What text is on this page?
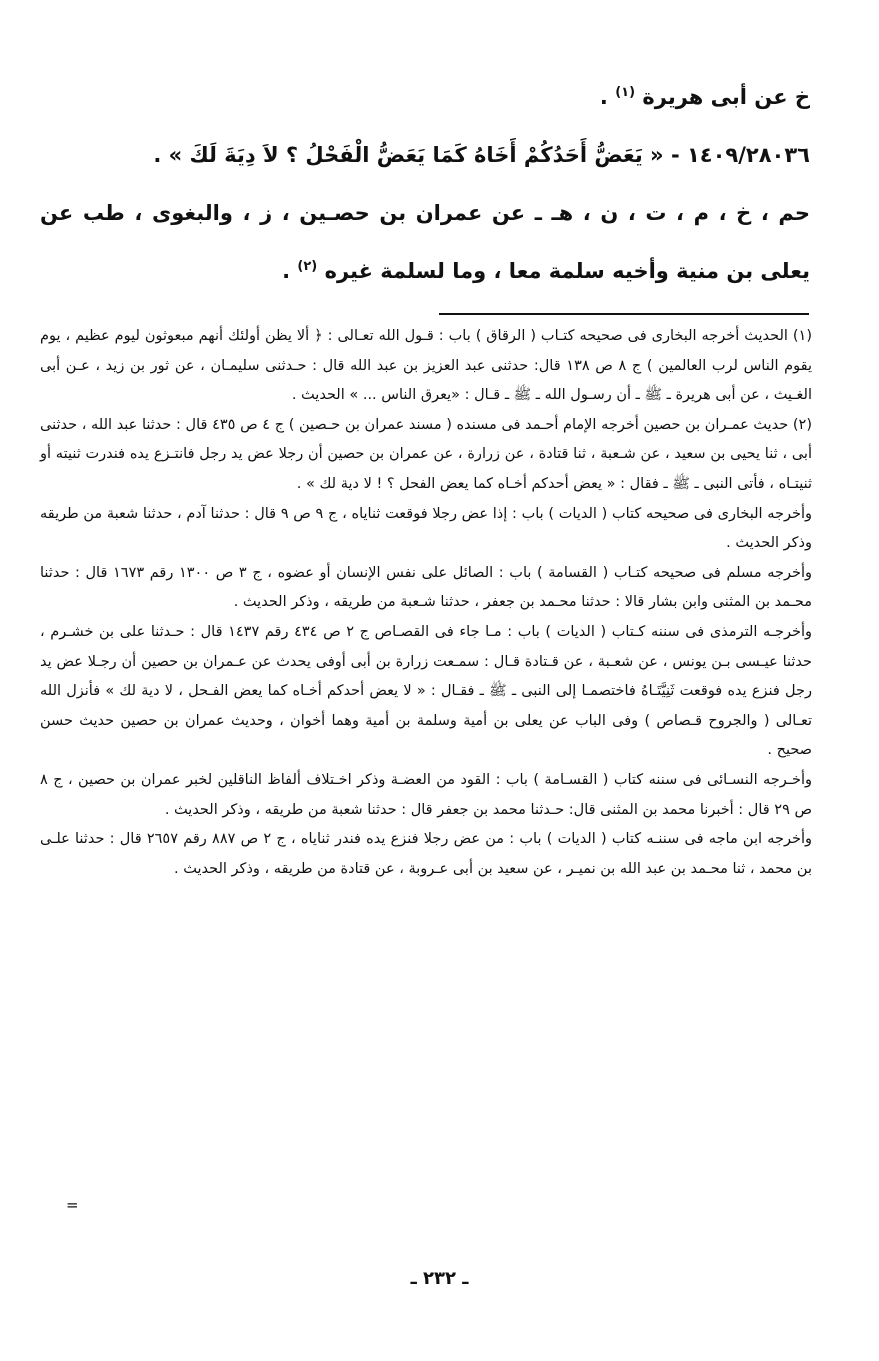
خ عن أبى هريرة $^{(١)}$ .

١٤٠٩/٢٨٠٣٦ - « يَعَضُّ أَحَدُكُمْ أَخَاهُ كَمَا يَعَضُّ الْفَحْلُ ؟ لاَ دِيَةَ لَكَ » .

حم ، خ ، م ، ت ، ن ، هـ ـ عن عمران بن حصـين ، ز ، والبغوى ، طب عن يعلى بن منية وأخيه سلمة معا ، وما لسلمة غيره $^{(٢)}$ .

(١) الحديث أخرجه البخارى فى صحيحه كتـاب ( الرقاق ) باب : قـول الله تعـالى : ﴿ ألا يظن أولئك أنهم مبعوثون ليوم عظيم ، يوم يقوم الناس لرب العالمين ) ج ٨ ص ١٣٨ قال: حدثنى عبد العزيز بن عبد الله قال : حـدثنى سليمـان ، عن ثور بن زيد ، عـن أبى الغـيث ، عن أبى هريرة ـ ﷺ ـ أن رسـول الله ـ ﷺ ـ قـال : «يعرق الناس ... » الحديث .

(٢) حديث عمـران بن حصين أخرجه الإمام أحـمد فى مسنده ( مسند عمران بن حـصين ) ج ٤ ص ٤٣٥ قال : حدثنا عبد الله ، حدثنى أبى ، ثنا يحيى بن سعيد ، عن شـعبة ، ثنا قتادة ، عن زرارة ، عن عمران بن حصين أن رجلا عض يد رجل فانتـزع يده فندرت ثنيته أو ثنيتـاه ، فأتى النبى ـ ﷺ ـ فقال : « يعض أحدكم أخـاه كما يعض الفحل ؟ ! لا دية لك » .

وأخرجه البخارى فى صحيحه كتاب ( الديات ) باب : إذا عض رجلا فوقعت ثناياه ، ج ٩ ص ٩ قال : حدثنا آدم ، حدثنا شعبة من طريقه وذكر الحديث .

وأخرجه مسلم فى صحيحه كتـاب ( القسامة ) باب : الصائل على نفس الإنسان أو عضوه ، ج ٣ ص ١٣٠٠ رقم ١٦٧٣ قال : حدثنا محـمد بن المثنى وابن بشار قالا : حدثنا محـمد بن جعفر ، حدثنا شـعبة من طريقه ، وذكر الحديث .

وأخرجـه الترمذى فى سننه كـتاب ( الديات ) باب : مـا جاء فى القصـاص ج ٢ ص ٤٣٤ رقم ١٤٣٧ قال : حـدثنا على بن خشـرم ، حدثنا عيـسى بـن يونس ، عن شعـبة ، عن قـتادة قـال : سمـعت زرارة بن أبى أوفى يحدث عن عـمران بن حصين أن رجـلا عض يد رجل فنزع يده فوقعت ثَنِيَّتَـاهُ فاختصمـا إلى النبى ـ ﷺ ـ فقـال : « لا يعض أحدكم أخـاه كما يعض الفـحل ، لا دية لك » فأنزل الله تعـالى ( والجروح قـصاص ) وفى الباب عن يعلى بن أمية وسلمة بن أمية وهما أخوان ، وحديث عمران بن حصين حديث حسن صحيح .

وأخـرجه النسـائى فى سننه كتاب ( القسـامة ) باب : القود من العضـة وذكر اخـتلاف ألفاظ الناقلين لخبر عمران بن حصين ، ج ٨ ص ٢٩ قال : أخبرنا محمد بن المثنى قال: حـدثنا محمد بن جعفر قال : حدثنا شعبة من طريقه ، وذكر الحديث .

وأخرجه ابن ماجه فى سننـه كتاب ( الديات ) باب : من عض رجلا فنزع يده فندر ثناياه ، ج ٢ ص ٨٨٧ رقم ٢٦٥٧ قال : حدثنا علـى بن محمد ، ثنا محـمد بن عبد الله بن نميـر ، عن سعيد بن أبى عـروبة ، عن قتادة من طريقه ، وذكر الحديث .

=
ـ ٢٣٢ ـ
